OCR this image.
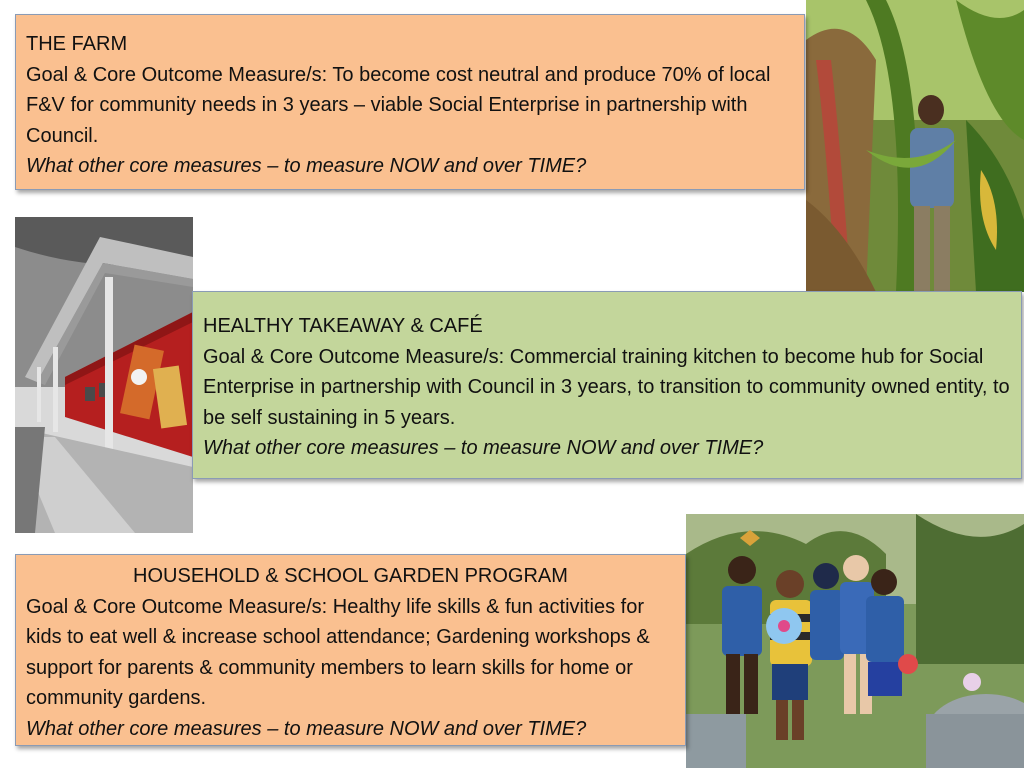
THE FARM
Goal & Core Outcome Measure/s: To become cost neutral and produce 70% of local F&V for community needs in 3 years – viable Social Enterprise in partnership with Council.
What other core measures – to measure NOW and over TIME?
HEALTHY TAKEAWAY & CAFÉ
Goal & Core Outcome Measure/s: Commercial training kitchen to become hub for Social Enterprise in partnership with Council in 3 years, to transition to community owned entity, to be self sustaining in 5 years.
What other core measures – to measure NOW and over TIME?
HOUSEHOLD & SCHOOL GARDEN PROGRAM
Goal & Core Outcome Measure/s: Healthy life skills & fun activities for kids to eat well & increase school attendance; Gardening workshops & support for parents & community members to learn skills for home or community gardens.
What other core measures – to measure NOW and over TIME?
